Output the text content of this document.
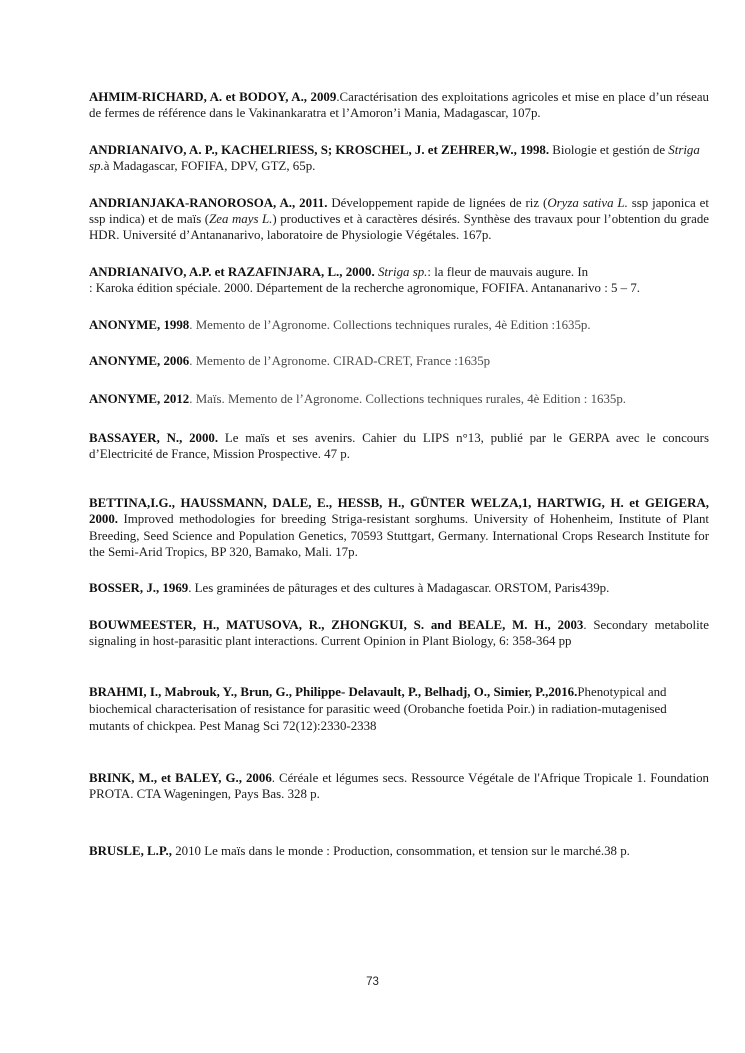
AHMIM-RICHARD, A. et BODOY, A., 2009.Caractérisation des exploitations agricoles et mise en place d’un réseau de fermes de référence dans le Vakinankaratra et l’Amoron’i Mania, Madagascar, 107p.

ANDRIANAIVO, A. P., KACHELRIESS, S; KROSCHEL, J. et ZEHRER,W., 1998. Biologie et gestión de Striga sp.à Madagascar, FOFIFA, DPV, GTZ, 65p.

ANDRIANJAKA-RANOROSOA, A., 2011. Développement rapide de lignées de riz (Oryza sativa L. ssp japonica et ssp indica) et de maïs (Zea mays L.) productives et à caractères désirés. Synthèse des travaux pour l’obtention du grade HDR. Université d’Antananarivo, laboratoire de Physiologie Végétales. 167p.

ANDRIANAIVO, A.P. et RAZAFINJARA, L., 2000. Striga sp.: la fleur de mauvais augure. In
: Karoka édition spéciale. 2000. Département de la recherche agronomique, FOFIFA. Antananarivo : 5 – 7.

ANONYME, 1998. Memento de l’Agronome. Collections techniques rurales, 4è Edition :1635p.

ANONYME, 2006. Memento de l’Agronome. CIRAD-CRET, France :1635p

ANONYME, 2012. Maïs. Memento de l’Agronome. Collections techniques rurales, 4è Edition : 1635p.

BASSAYER, N., 2000. Le maïs et ses avenirs. Cahier du LIPS n°13, publié par le GERPA avec le concours d’Electricité de France, Mission Prospective. 47 p.

BETTINA,I.G., HAUSSMANN, DALE, E., HESSB, H., GÜNTER WELZA,1, HARTWIG, H. et GEIGERA, 2000. Improved methodologies for breeding Striga-resistant sorghums. University of Hohenheim, Institute of Plant Breeding, Seed Science and Population Genetics, 70593 Stuttgart, Germany. International Crops Research Institute for the Semi-Arid Tropics, BP 320, Bamako, Mali. 17p.

BOSSER, J., 1969. Les graminées de pâturages et des cultures à Madagascar. ORSTOM, Paris439p.

BOUWMEESTER, H., MATUSOVA, R., ZHONGKUI, S. and BEALE, M. H., 2003. Secondary metabolite signaling in host-parasitic plant interactions. Current Opinion in Plant Biology, 6: 358-364 pp

BRAHMI, I., Mabrouk, Y., Brun, G., Philippe- Delavault, P., Belhadj, O., Simier, P.,2016.Phenotypical and biochemical characterisation of resistance for parasitic weed (Orobanche foetida Poir.) in radiation-mutagenised mutants of chickpea. Pest Manag Sci 72(12):2330‑2338

BRINK, M., et BALEY, G., 2006. Céréale et légumes secs. Ressource Végétale de l'Afrique Tropicale 1. Foundation PROTA. CTA Wageningen, Pays Bas. 328 p.

BRUSLE, L.P., 2010 Le maïs dans le monde : Production, consommation, et tension sur le marché.38 p.

73
